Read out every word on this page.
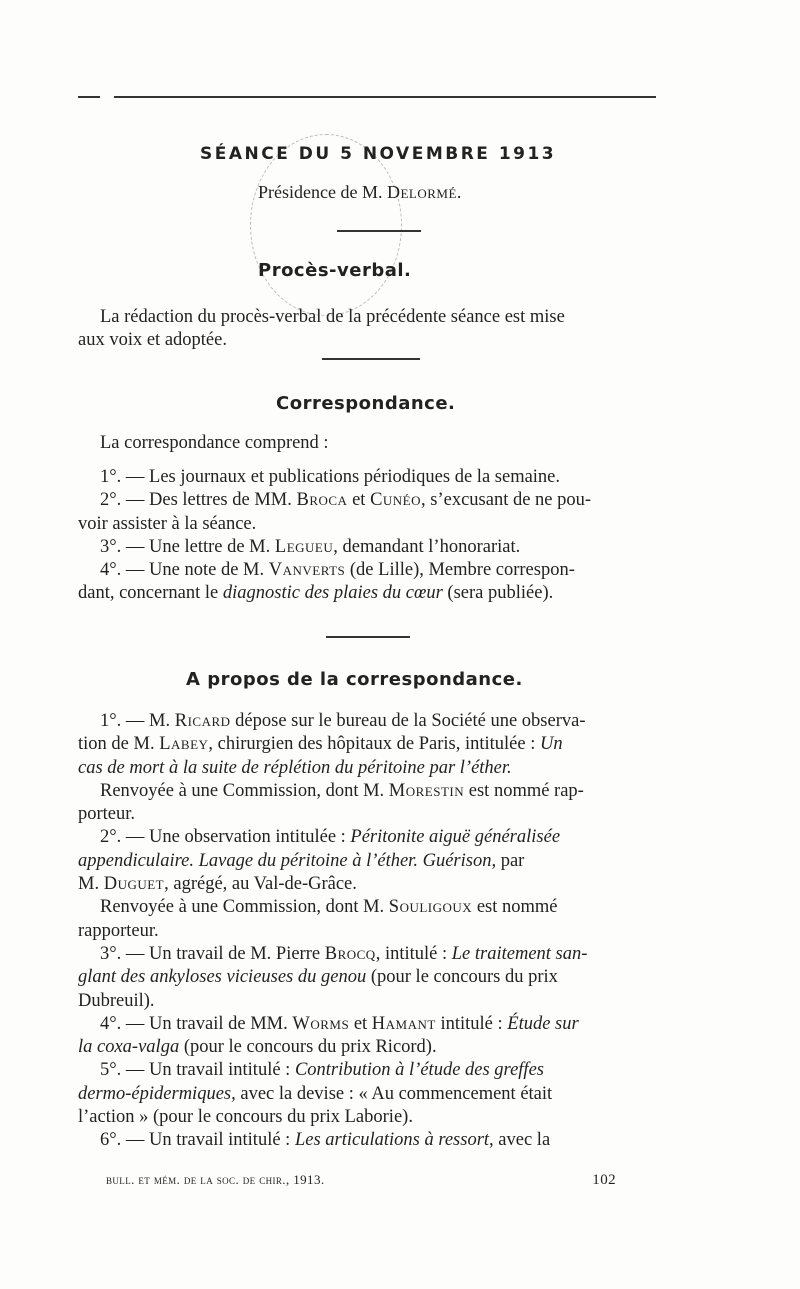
SÉANCE DU 5 NOVEMBRE 1913
Présidence de M. Delormé.
Procès-verbal.
La rédaction du procès-verbal de la précédente séance est mise
aux voix et adoptée.
Correspondance.
La correspondance comprend :
1°. — Les journaux et publications périodiques de la semaine.
2°. — Des lettres de MM. Broca et Cunéo, s’excusant de ne pou-
voir assister à la séance.
3°. — Une lettre de M. Legueu, demandant l’honorariat.
4°. — Une note de M. Vanverts (de Lille), Membre correspon-
dant, concernant le diagnostic des plaies du cœur (sera publiée).
A propos de la correspondance.
1°. — M. Ricard dépose sur le bureau de la Société une observa-
tion de M. Labey, chirurgien des hôpitaux de Paris, intitulée : Un
cas de mort à la suite de réplétion du péritoine par l’éther.
Renvoyée à une Commission, dont M. Morestin est nommé rap-
porteur.
2°. — Une observation intitulée : Péritonite aiguë généralisée
appendiculaire. Lavage du péritoine à l’éther. Guérison, par
M. Duguet, agrégé, au Val-de-Grâce.
Renvoyée à une Commission, dont M. Souligoux est nommé
rapporteur.
3°. — Un travail de M. Pierre Brocq, intitulé : Le traitement san-
glant des ankyloses vicieuses du genou (pour le concours du prix
Dubreuil).
4°. — Un travail de MM. Worms et Hamant intitulé : Étude sur
la coxa-valga (pour le concours du prix Ricord).
5°. — Un travail intitulé : Contribution à l’étude des greffes
dermo-épidermiques, avec la devise : « Au commencement était
l’action » (pour le concours du prix Laborie).
6°. — Un travail intitulé : Les articulations à ressort, avec la
bull. et mém. de la soc. de chir., 1913.	102
